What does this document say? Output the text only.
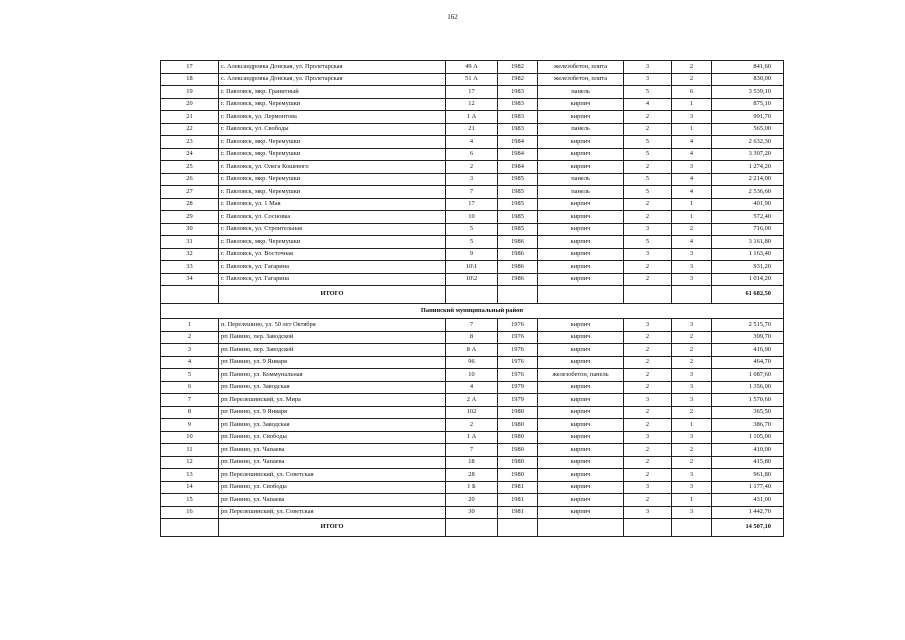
162
17	с. Александровка Донская, ул. Пролетарская	49 А	1982	железобетон, плита	3	2	841,60
18	с. Александровка Донская, ул. Пролетарская	51 А	1982	железобетон, плита	3	2	830,00
19	г. Павловск, мкр. Гранитный	17	1983	панель	5	6	3 539,10
20	г. Павловск, мкр. Черемушки	12	1983	кирпич	4	1	875,10
21	г. Павловск, ул. Лермонтова	1 А	1983	кирпич	2	3	991,70
22	г. Павловск, ул. Свободы	21	1983	панель	2	1	565,00
23	г. Павловск, мкр. Черемушки	4	1984	кирпич	5	4	2 632,30
24	г. Павловск, мкр. Черемушки	6	1984	кирпич	5	4	3 307,20
25	г. Павловск, ул. Олега Кошевого	2	1984	кирпич	2	3	1 274,20
26	г. Павловск, мкр. Черемушки	3	1985	панель	5	4	2 214,00
27	г. Павловск, мкр. Черемушки	7	1985	панель	5	4	2 536,60
28	г. Павловск, ул. 1 Мая	17	1985	кирпич	2	1	401,90
29	г. Павловск, ул. Сосновка	10	1985	кирпич	2	1	572,40
30	г. Павловск, ул. Строительная	5	1985	кирпич	3	2	716,00
31	г. Павловск, мкр. Черемушки	5	1986	кирпич	5	4	3 161,80
32	г. Павловск, ул. Восточная	9	1986	кирпич	3	3	1 163,40
33	г. Павловск, ул. Гагарина	10\1	1986	кирпич	2	3	931,20
34	г. Павловск, ул. Гагарина	10\2	1986	кирпич	2	3	1 014,20
	ИТОГО						61 682,50
Панинский муниципальный район							
1	п. Перелешино, ул. 50 лет Октября	7	1976	кирпич	3	3	2 515,70
2	рп Панино, пер. Заводской	8	1976	кирпич	2	2	399,70
3	рп Панино, пер. Заводской	8 А	1976	кирпич	2	2	416,90
4	рп Панино, ул. 9 Января	96	1976	кирпич	2	2	464,70
5	рп Панино, ул. Коммунальная	10	1976	железобетон, панель	2	3	1 087,60
6	рп Панино, ул. Заводская	4	1979	кирпич	2	3	1 356,00
7	рп Перелешинский, ул. Мира	2 А	1979	кирпич	3	3	1 570,60
8	рп Панино, ул. 9 Января	102	1980	кирпич	2	2	365,50
9	рп Панино, ул. Заводская	2	1980	кирпич	2	1	386,70
10	рп Панино, ул. Свободы	1 А	1980	кирпич	3	3	1 105,00
11	рп Панино, ул. Чапаева	7	1980	кирпич	2	2	410,00
12	рп Панино, ул. Чапаева	18	1980	кирпич	2	2	415,80
13	рп Перелешинский, ул. Советская	28	1980	кирпич	2	3	961,80
14	рп Панино, ул. Свободы	1 Б	1981	кирпич	3	3	1 177,40
15	рп Панино, ул. Чапаева	20	1981	кирпич	2	1	431,00
16	рп Перелешинский, ул. Советская	30	1981	кирпич	3	3	1 442,70
	ИТОГО						14 507,10
